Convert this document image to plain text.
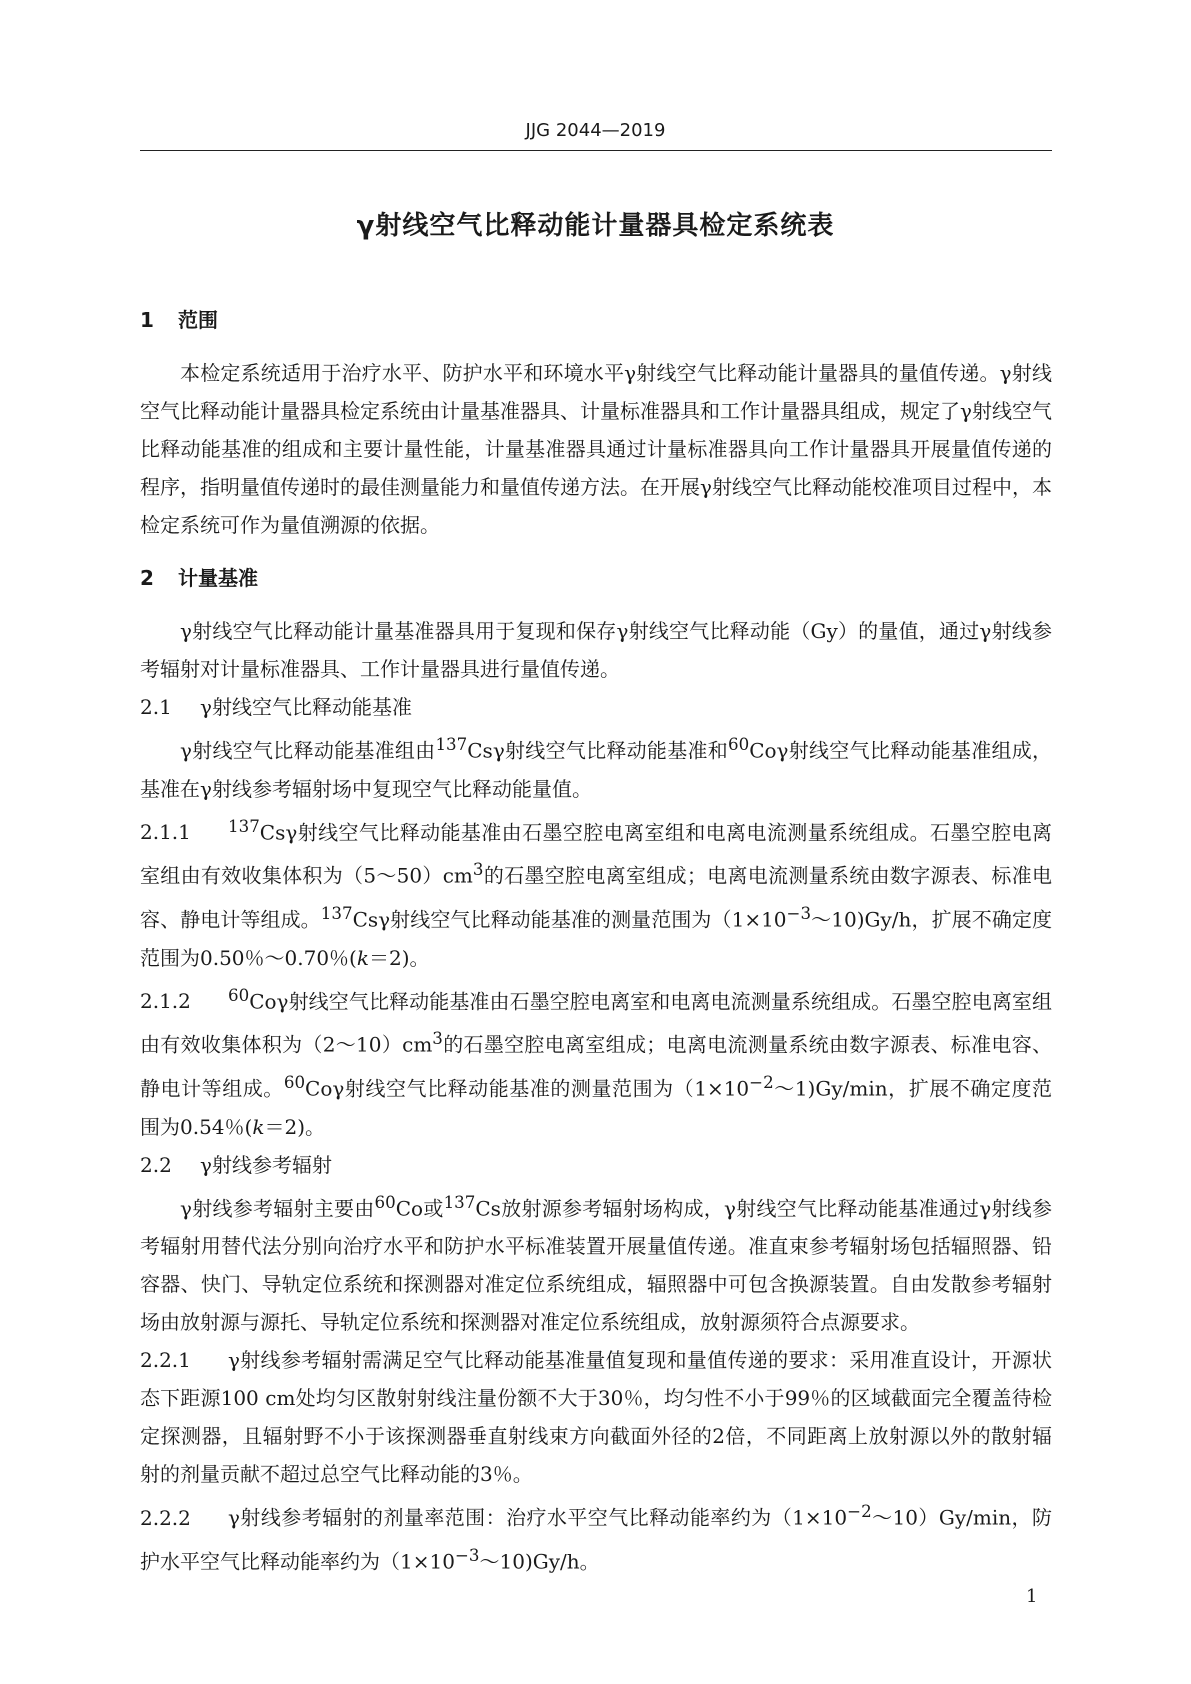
JJG 2044—2019
γ射线空气比释动能计量器具检定系统表
1 范围
本检定系统适用于治疗水平、防护水平和环境水平γ射线空气比释动能计量器具的量值传递。γ射线空气比释动能计量器具检定系统由计量基准器具、计量标准器具和工作计量器具组成，规定了γ射线空气比释动能基准的组成和主要计量性能，计量基准器具通过计量标准器具向工作计量器具开展量值传递的程序，指明量值传递时的最佳测量能力和量值传递方法。在开展γ射线空气比释动能校准项目过程中，本检定系统可作为量值溯源的依据。
2 计量基准
γ射线空气比释动能计量基准器具用于复现和保存γ射线空气比释动能（Gy）的量值，通过γ射线参考辐射对计量标准器具、工作计量器具进行量值传递。
2.1 γ射线空气比释动能基准
γ射线空气比释动能基准组由$^{137}$Csγ射线空气比释动能基准和$^{60}$Coγ射线空气比释动能基准组成，基准在γ射线参考辐射场中复现空气比释动能量值。
2.1.1 $^{137}$Csγ射线空气比释动能基准由石墨空腔电离室组和电离电流测量系统组成。石墨空腔电离室组由有效收集体积为$(5\sim 50)cm^3$的石墨空腔电离室组成；电离电流测量系统由数字源表、标准电容、静电计等组成。$^{137}$Csγ射线空气比释动能基准的测量范围为$(1\times 10^{-3}\sim 10)Gy/h$，扩展不确定度范围为0.50％～0.70％(k＝2)。
2.1.2 $^{60}$Coγ射线空气比释动能基准由石墨空腔电离室和电离电流测量系统组成。石墨空腔电离室组由有效收集体积为$(2\sim 10)cm^3$的石墨空腔电离室组成；电离电流测量系统由数字源表、标准电容、静电计等组成。$^{60}$Coγ射线空气比释动能基准的测量范围为$(1\times 10^{-2}\sim 1)Gy/\min$，扩展不确定度范围为0.54％(k＝2)。
2.2 γ射线参考辐射
γ射线参考辐射主要由$^{60}$Co或$^{137}$Cs放射源参考辐射场构成，γ射线空气比释动能基准通过γ射线参考辐射用替代法分别向治疗水平和防护水平标准装置开展量值传递。准直束参考辐射场包括辐照器、铅容器、快门、导轨定位系统和探测器对准定位系统组成，辐照器中可包含换源装置。自由发散参考辐射场由放射源与源托、导轨定位系统和探测器对准定位系统组成，放射源须符合点源要求。
2.2.1 γ射线参考辐射需满足空气比释动能基准量值复现和量值传递的要求：采用准直设计，开源状态下距源100 cm处均匀区散射射线注量份额不大于30％，均匀性不小于99％的区域截面完全覆盖待检定探测器，且辐射野不小于该探测器垂直射线束方向截面外径的2倍，不同距离上放射源以外的散射辐射的剂量贡献不超过总空气比释动能的3％。
2.2.2 γ射线参考辐射的剂量率范围：治疗水平空气比释动能率约为$(1\times 10^{-2}\sim 10)Gy/\min$，防护水平空气比释动能率约为$(1\times 10^{-3}\sim 10)Gy/h$。
1
